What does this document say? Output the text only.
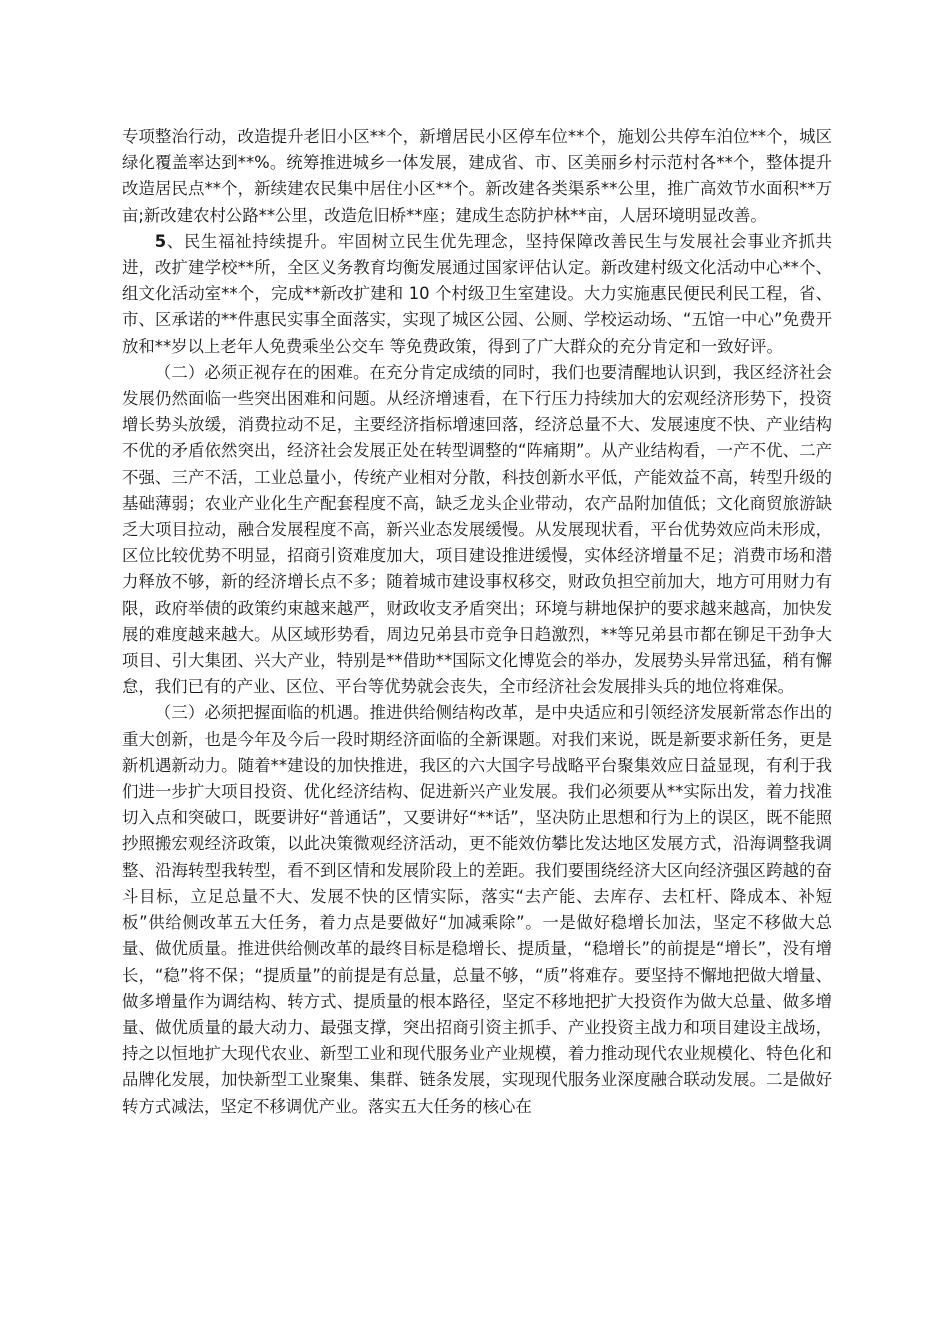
专项整治行动，改造提升老旧小区**个，新增居民小区停车位**个，施划公共停车泊位**个，城区绿化覆盖率达到**%。统筹推进城乡一体发展，建成省、市、区美丽乡村示范村各**个，整体提升改造居民点**个，新续建农民集中居住小区**个。新改建各类渠系**公里，推广高效节水面积**万亩;新改建农村公路**公里，改造危旧桥**座；建成生态防护林**亩，人居环境明显改善。

5、民生福祉持续提升。牢固树立民生优先理念，坚持保障改善民生与发展社会事业齐抓共进，改扩建学校**所，全区义务教育均衡发展通过国家评估认定。新改建村级文化活动中心**个、组文化活动室**个，完成**新改扩建和 10 个村级卫生室建设。大力实施惠民便民利民工程，省、市、区承诺的**件惠民实事全面落实，实现了城区公园、公厕、学校运动场、“五馆一中心”免费开放和**岁以上老年人免费乘坐公交车 等免费政策，得到了广大群众的充分肯定和一致好评。

（二）必须正视存在的困难。在充分肯定成绩的同时，我们也要清醒地认识到，我区经济社会发展仍然面临一些突出困难和问题。从经济增速看，在下行压力持续加大的宏观经济形势下，投资增长势头放缓，消费拉动不足，主要经济指标增速回落，经济总量不大、发展速度不快、产业结构不优的矛盾依然突出，经济社会发展正处在转型调整的“阵痛期”。从产业结构看，一产不优、二产不强、三产不活，工业总量小，传统产业相对分散，科技创新水平低，产能效益不高，转型升级的基础薄弱；农业产业化生产配套程度不高，缺乏龙头企业带动，农产品附加值低；文化商贸旅游缺乏大项目拉动，融合发展程度不高，新兴业态发展缓慢。从发展现状看，平台优势效应尚未形成，区位比较优势不明显，招商引资难度加大，项目建设推进缓慢，实体经济增量不足；消费市场和潜力释放不够，新的经济增长点不多；随着城市建设事权移交，财政负担空前加大，地方可用财力有限，政府举债的政策约束越来越严，财政收支矛盾突出；环境与耕地保护的要求越来越高，加快发展的难度越来越大。从区域形势看，周边兄弟县市竞争日趋激烈，**等兄弟县市都在铆足干劲争大项目、引大集团、兴大产业，特别是**借助**国际文化博览会的举办，发展势头异常迅猛，稍有懈怠，我们已有的产业、区位、平台等优势就会丧失，全市经济社会发展排头兵的地位将难保。

（三）必须把握面临的机遇。推进供给侧结构改革，是中央适应和引领经济发展新常态作出的重大创新，也是今年及今后一段时期经济面临的全新课题。对我们来说，既是新要求新任务，更是新机遇新动力。随着**建设的加快推进，我区的六大国字号战略平台聚集效应日益显现，有利于我们进一步扩大项目投资、优化经济结构、促进新兴产业发展。我们必须要从**实际出发，着力找准切入点和突破口，既要讲好“普通话”，又要讲好“**话”，坚决防止思想和行为上的误区，既不能照抄照搬宏观经济政策，以此决策微观经济活动，更不能效仿攀比发达地区发展方式，沿海调整我调整、沿海转型我转型，看不到区情和发展阶段上的差距。我们要围绕经济大区向经济强区跨越的奋斗目标，立足总量不大、发展不快的区情实际，落实“去产能、去库存、去杠杆、降成本、补短板”供给侧改革五大任务，着力点是要做好“加减乘除”。一是做好稳增长加法，坚定不移做大总量、做优质量。推进供给侧改革的最终目标是稳增长、提质量，“稳增长”的前提是“增长”，没有增长，“稳”将不保；“提质量”的前提是有总量，总量不够，“质”将难存。要坚持不懈地把做大增量、做多增量作为调结构、转方式、提质量的根本路径，坚定不移地把扩大投资作为做大总量、做多增量、做优质量的最大动力、最强支撑，突出招商引资主抓手、产业投资主战力和项目建设主战场，持之以恒地扩大现代农业、新型工业和现代服务业产业规模，着力推动现代农业规模化、特色化和品牌化发展，加快新型工业聚集、集群、链条发展，实现现代服务业深度融合联动发展。二是做好转方式减法，坚定不移调优产业。落实五大任务的核心在
